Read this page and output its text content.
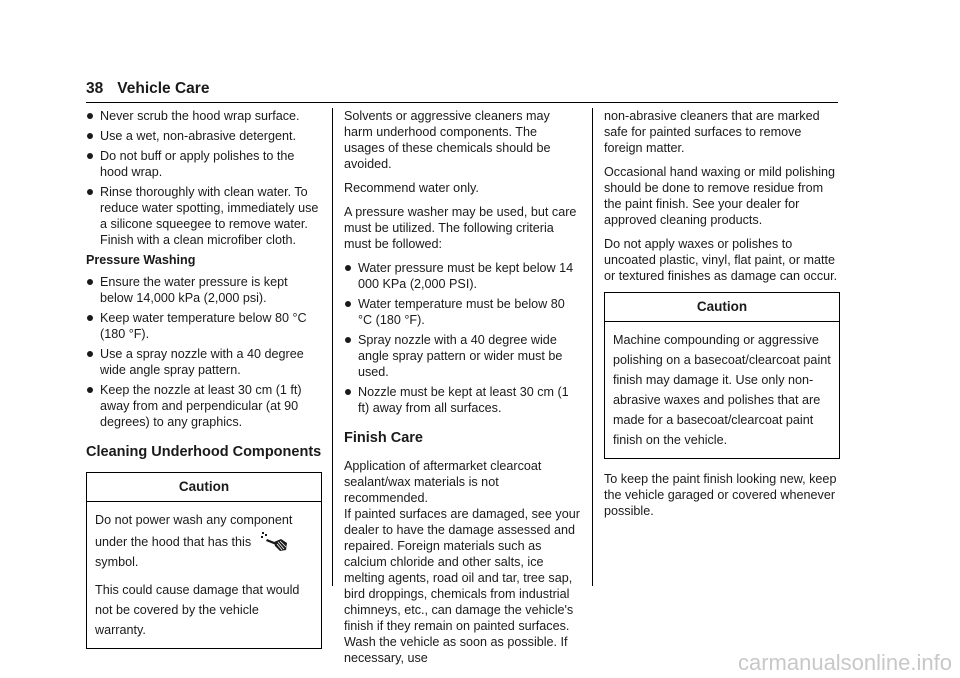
38 Vehicle Care
Never scrub the hood wrap surface.
Use a wet, non-abrasive detergent.
Do not buff or apply polishes to the hood wrap.
Rinse thoroughly with clean water. To reduce water spotting, immediately use a silicone squeegee to remove water. Finish with a clean microfiber cloth.
Pressure Washing
Ensure the water pressure is kept below 14,000 kPa (2,000 psi).
Keep water temperature below 80 °C (180 °F).
Use a spray nozzle with a 40 degree wide angle spray pattern.
Keep the nozzle at least 30 cm (1 ft) away from and perpendicular (at 90 degrees) to any graphics.
Cleaning Underhood Components
Caution

Do not power wash any component under the hood that has this  symbol.

This could cause damage that would not be covered by the vehicle warranty.

Solvents or aggressive cleaners may harm underhood components. The usages of these chemicals should be avoided.

Recommend water only.

A pressure washer may be used, but care must be utilized. The following criteria must be followed:

Water pressure must be kept below 14 000 KPa (2,000 PSI).
Water temperature must be below 80 °C (180 °F).
Spray nozzle with a 40 degree wide angle spray pattern or wider must be used.
Nozzle must be kept at least 30 cm (1 ft) away from all surfaces.
Finish Care

Application of aftermarket clearcoat sealant/wax materials is not recommended.

If painted surfaces are damaged, see your dealer to have the damage assessed and repaired. Foreign materials such as calcium chloride and other salts, ice melting agents, road oil and tar, tree sap, bird droppings, chemicals from industrial chimneys, etc., can damage the vehicle's finish if they remain on painted surfaces. Wash the vehicle as soon as possible. If necessary, use

non-abrasive cleaners that are marked safe for painted surfaces to remove foreign matter.

Occasional hand waxing or mild polishing should be done to remove residue from the paint finish. See your dealer for approved cleaning products.

Do not apply waxes or polishes to uncoated plastic, vinyl, flat paint, or matte or textured finishes as damage can occur.

Caution

Machine compounding or aggressive polishing on a basecoat/clearcoat paint finish may damage it. Use only non-abrasive waxes and polishes that are made for a basecoat/clearcoat paint finish on the vehicle.

To keep the paint finish looking new, keep the vehicle garaged or covered whenever possible.

carmanualsonline.info
